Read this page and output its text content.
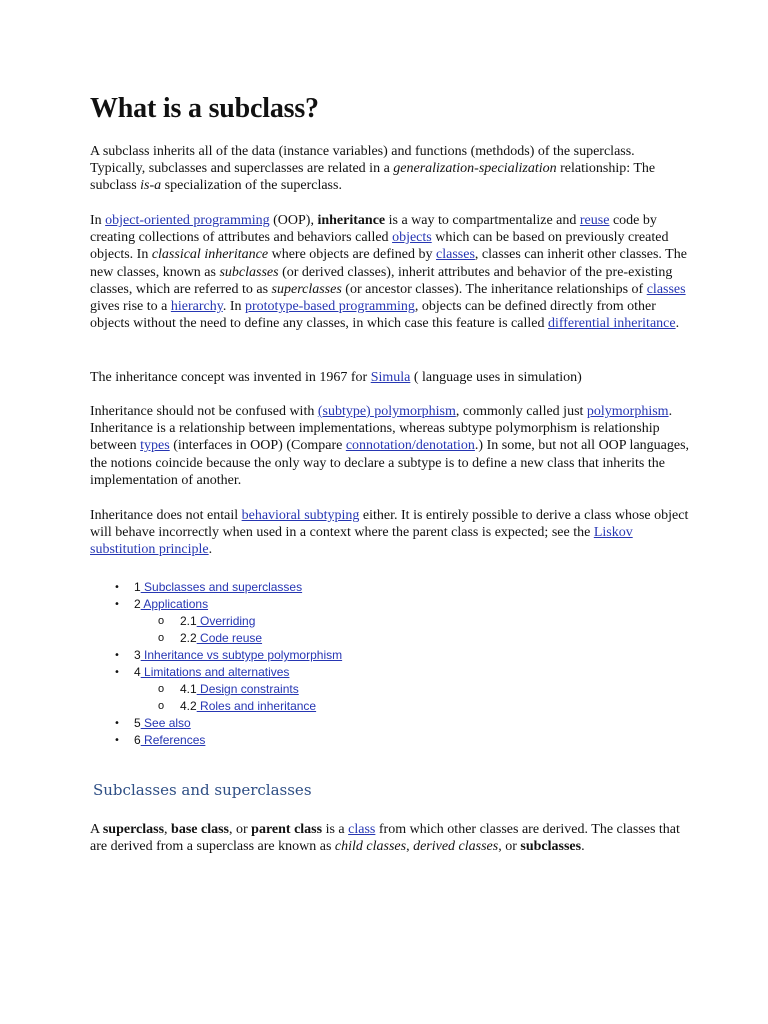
What is a subclass?

A subclass inherits all of the data (instance variables) and functions (methdods) of the superclass. Typically, subclasses and superclasses are related in a generalization-specialization relationship: The subclass is-a specialization of the superclass.

In object-oriented programming (OOP), inheritance is a way to compartmentalize and reuse code by creating collections of attributes and behaviors called objects which can be based on previously created objects. In classical inheritance where objects are defined by classes, classes can inherit other classes. The new classes, known as subclasses (or derived classes), inherit attributes and behavior of the pre-existing classes, which are referred to as superclasses (or ancestor classes). The inheritance relationships of classes gives rise to a hierarchy. In prototype-based programming, objects can be defined directly from other objects without the need to define any classes, in which case this feature is called differential inheritance.

The inheritance concept was invented in 1967 for Simula ( language uses in simulation)

Inheritance should not be confused with (subtype) polymorphism, commonly called just polymorphism. Inheritance is a relationship between implementations, whereas subtype polymorphism is relationship between types (interfaces in OOP) (Compare connotation/denotation.) In some, but not all OOP languages, the notions coincide because the only way to declare a subtype is to define a new class that inherits the implementation of another.

Inheritance does not entail behavioral subtyping either. It is entirely possible to derive a class whose object will behave incorrectly when used in a context where the parent class is expected; see the Liskov substitution principle.

• 1 Subclasses and superclasses
• 2 Applications
o 2.1 Overriding
o 2.2 Code reuse
• 3 Inheritance vs subtype polymorphism
• 4 Limitations and alternatives
o 4.1 Design constraints
o 4.2 Roles and inheritance
• 5 See also
• 6 References
Subclasses and superclasses

A superclass, base class, or parent class is a class from which other classes are derived. The classes that are derived from a superclass are known as child classes, derived classes, or subclasses.
